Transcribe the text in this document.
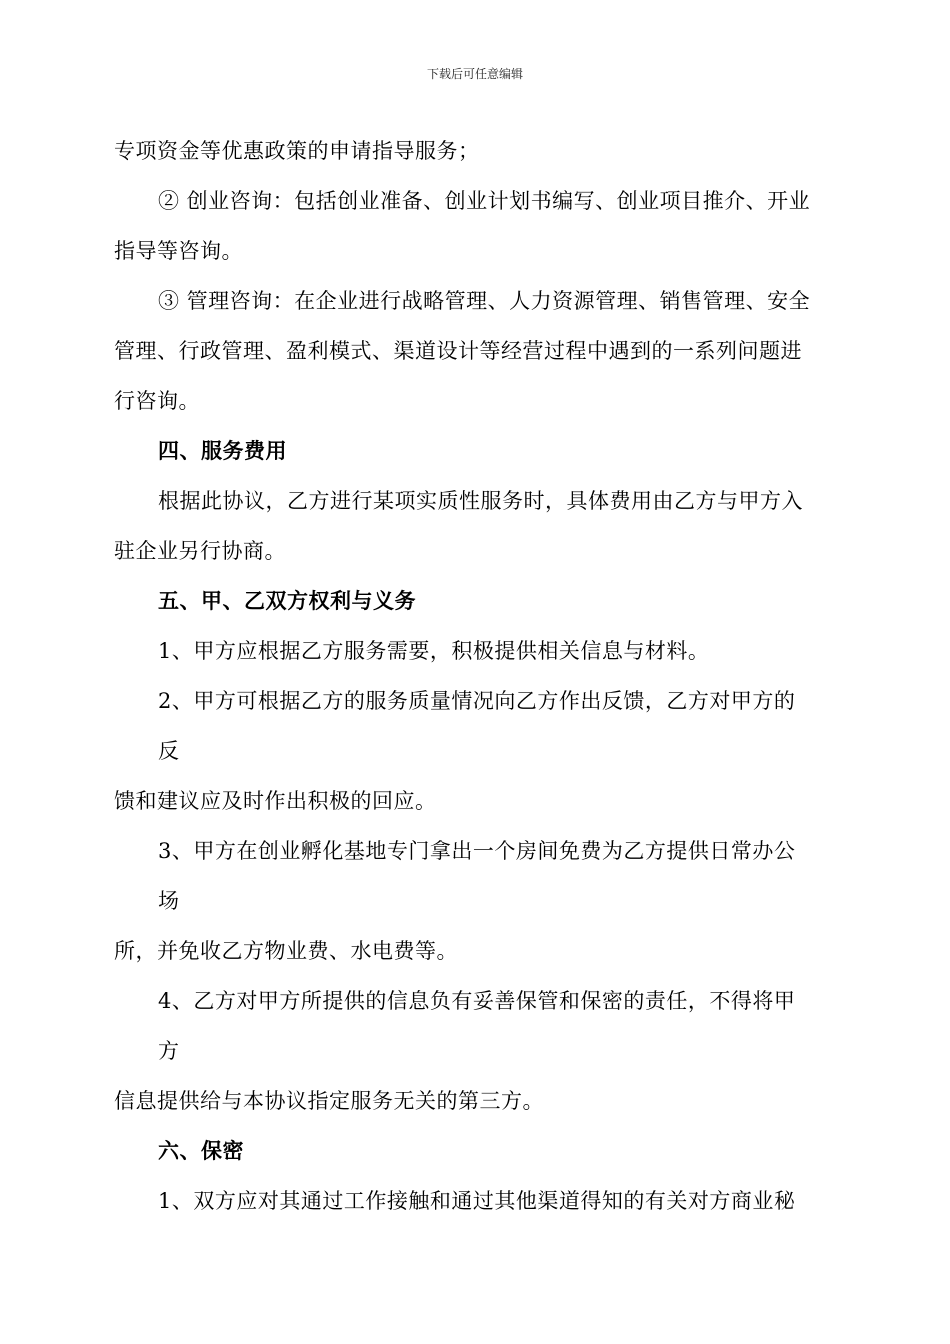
下载后可任意编辑
专项资金等优惠政策的申请指导服务；
② 创业咨询：包括创业准备、创业计划书编写、创业项目推介、开业
指导等咨询。
③ 管理咨询：在企业进行战略管理、人力资源管理、销售管理、安全
管理、行政管理、盈利模式、渠道设计等经营过程中遇到的一系列问题进
行咨询。
四、服务费用
根据此协议，乙方进行某项实质性服务时，具体费用由乙方与甲方入
驻企业另行协商。
五、甲、乙双方权利与义务
1、甲方应根据乙方服务需要，积极提供相关信息与材料。
2、甲方可根据乙方的服务质量情况向乙方作出反馈，乙方对甲方的
反
馈和建议应及时作出积极的回应。
3、甲方在创业孵化基地专门拿出一个房间免费为乙方提供日常办公
场
所，并免收乙方物业费、水电费等。
4、乙方对甲方所提供的信息负有妥善保管和保密的责任，不得将甲
方
信息提供给与本协议指定服务无关的第三方。
六、保密
1、双方应对其通过工作接触和通过其他渠道得知的有关对方商业秘
